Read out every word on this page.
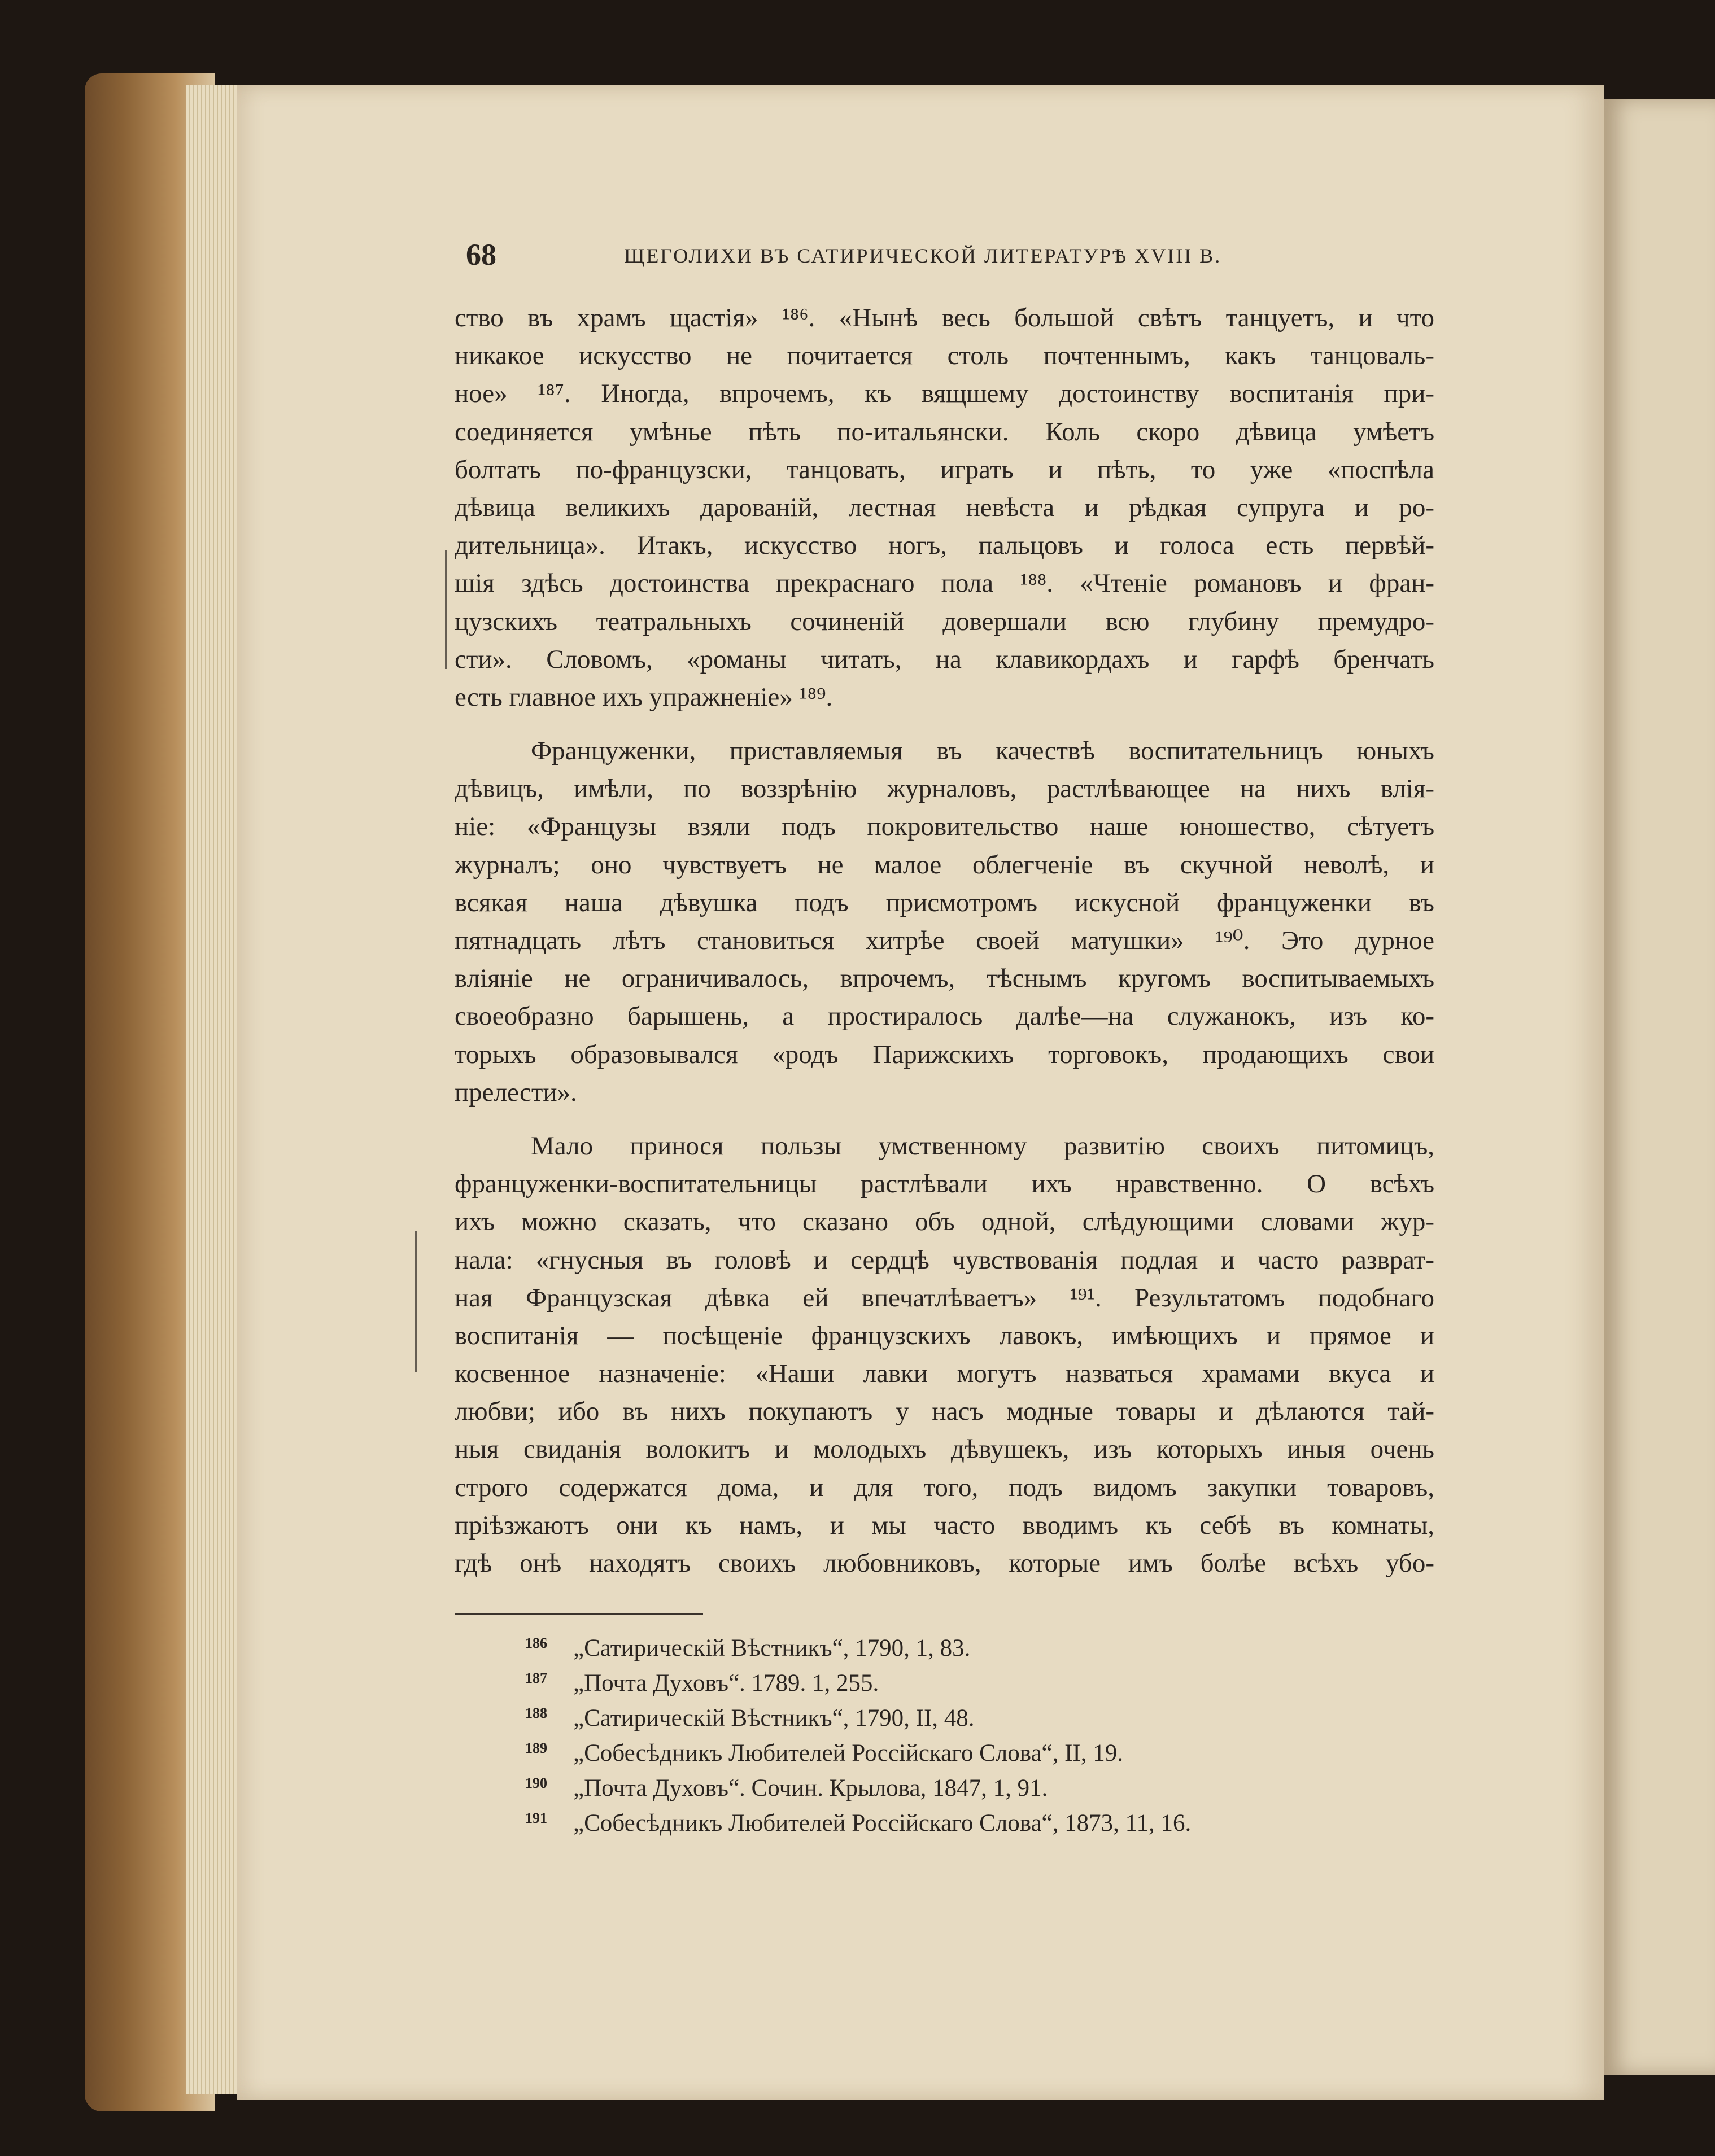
68	ЩЕГОЛИХИ ВЪ САТИРИЧЕСКОЙ ЛИТЕРАТУРѢ XVIII В.
ство въ храмъ щастія» ¹⁸⁶. «Нынѣ весь большой свѣтъ танцуетъ, и что
никакое искусство не почитается столь почтеннымъ, какъ танцоваль-
ное» ¹⁸⁷. Иногда, впрочемъ, къ вящшему достоинству воспитанія при-
соединяется умѣнье пѣть по-итальянски. Коль скоро дѣвица умѣетъ
болтать по-французски, танцовать, играть и пѣть, то уже «поспѣла
дѣвица великихъ дарованій, лестная невѣста и рѣдкая супруга и ро-
дительница». Итакъ, искусство ногъ, пальцовъ и голоса есть первѣй-
шія здѣсь достоинства прекраснаго пола ¹⁸⁸. «Чтеніе романовъ и фран-
цузскихъ театральныхъ сочиненій довершали всю глубину премудро-
сти». Словомъ, «романы читать, на клавикордахъ и гарфѣ бренчать
есть главное ихъ упражненіе» ¹⁸⁹.
Француженки, приставляемыя въ качествѣ воспитательницъ юныхъ
дѣвицъ, имѣли, по воззрѣнію журналовъ, растлѣвающее на нихъ влія-
ніе: «Французы взяли подъ покровительство наше юношество, сѣтуетъ
журналъ; оно чувствуетъ не малое облегченіе въ скучной неволѣ, и
всякая наша дѣвушка подъ присмотромъ искусной француженки въ
пятнадцать лѣтъ становиться хитрѣе своей матушки» ¹⁹⁰. Это дурное
вліяніе не ограничивалось, впрочемъ, тѣснымъ кругомъ воспитываемыхъ
своеобразно барышень, а простиралось далѣе—на служанокъ, изъ ко-
торыхъ образовывался «родъ Парижскихъ торговокъ, продающихъ свои
прелести».
Мало принося пользы умственному развитію своихъ питомицъ,
француженки-воспитательницы растлѣвали ихъ нравственно. О всѣхъ
ихъ можно сказать, что сказано объ одной, слѣдующими словами жур-
нала: «гнусныя въ головѣ и сердцѣ чувствованія подлая и часто разврат-
ная Французская дѣвка ей впечатлѣваетъ» ¹⁹¹. Результатомъ подобнаго
воспитанія — посѣщеніе французскихъ лавокъ, имѣющихъ и прямое и
косвенное назначеніе: «Наши лавки могутъ назваться храмами вкуса и
любви; ибо въ нихъ покупаютъ у насъ модные товары и дѣлаются тай-
ныя свиданія волокитъ и молодыхъ дѣвушекъ, изъ которыхъ иныя очень
строго содержатся дома, и для того, подъ видомъ закупки товаровъ,
пріѣзжаютъ они къ намъ, и мы часто вводимъ къ себѣ въ комнаты,
гдѣ онѣ находятъ своихъ любовниковъ, которые имъ болѣе всѣхъ убо-
186 „Сатирическій Вѣстникъ“, 1790, 1, 83.
187 „Почта Духовъ“. 1789. 1, 255.
188 „Сатирическій Вѣстникъ“, 1790, II, 48.
189 „Собесѣдникъ Любителей Россійскаго Слова“, II, 19.
190 „Почта Духовъ“. Сочин. Крылова, 1847, 1, 91.
191 „Собесѣдникъ Любителей Россійскаго Слова“, 1873, 11, 16.
